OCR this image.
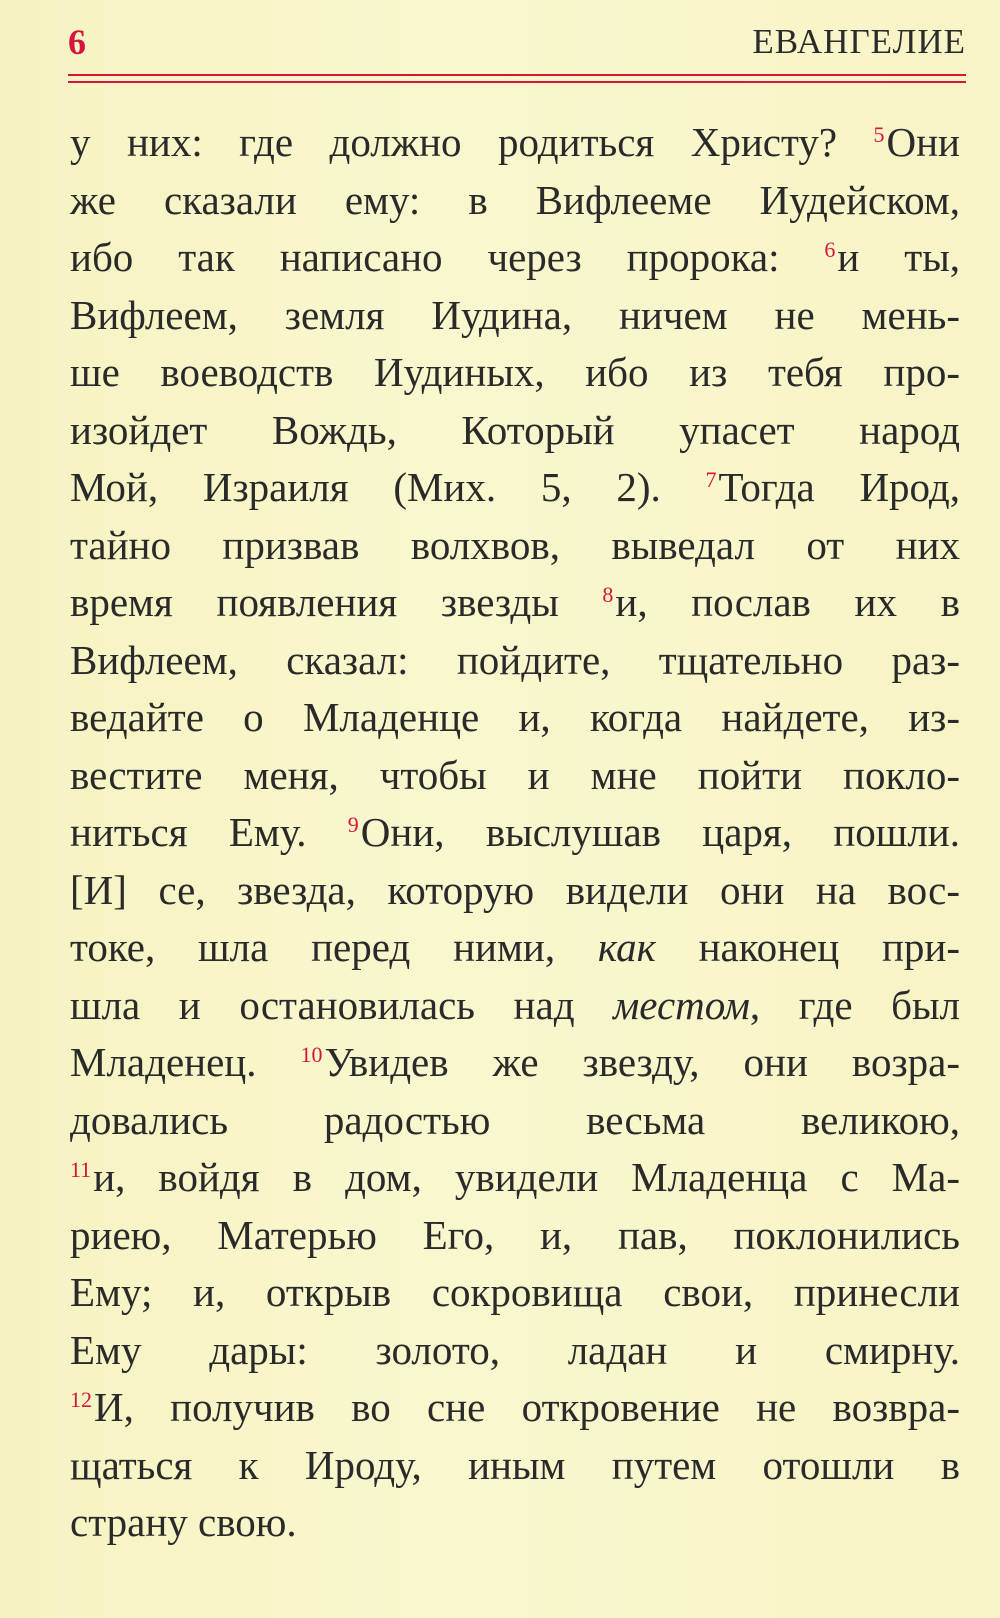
6	ЕВАНГЕЛИЕ
у них: где должно родиться Христу? $^5$Они
же сказали ему: в Вифлееме Иудейском,
ибо так написано через пророка: $^6$и ты,
Вифлеем, земля Иудина, ничем не мень-
ше воеводств Иудиных, ибо из тебя про-
изойдет Вождь, Который упасет народ
Мой, Израиля (Мих. 5, 2). $^7$Тогда Ирод,
тайно призвав волхвов, выведал от них
время появления звезды $^8$и, послав их в
Вифлеем, сказал: пойдите, тщательно раз-
ведайте о Младенце и, когда найдете, из-
вестите меня, чтобы и мне пойти покло-
ниться Ему. $^9$Они, выслушав царя, пошли.
[И] се, звезда, которую видели они на вос-
токе, шла перед ними, как наконец при-
шла и остановилась над местом, где был
Младенец. $^{10}$Увидев же звезду, они возра-
довались радостью весьма великою,
$^{11}$и, войдя в дом, увидели Младенца с Ма-
риею, Матерью Его, и, пав, поклонились
Ему; и, открыв сокровища свои, принесли
Ему дары: золото, ладан и смирну.
$^{12}$И, получив во сне откровение не возвра-
щаться к Ироду, иным путем отошли в
страну свою.
